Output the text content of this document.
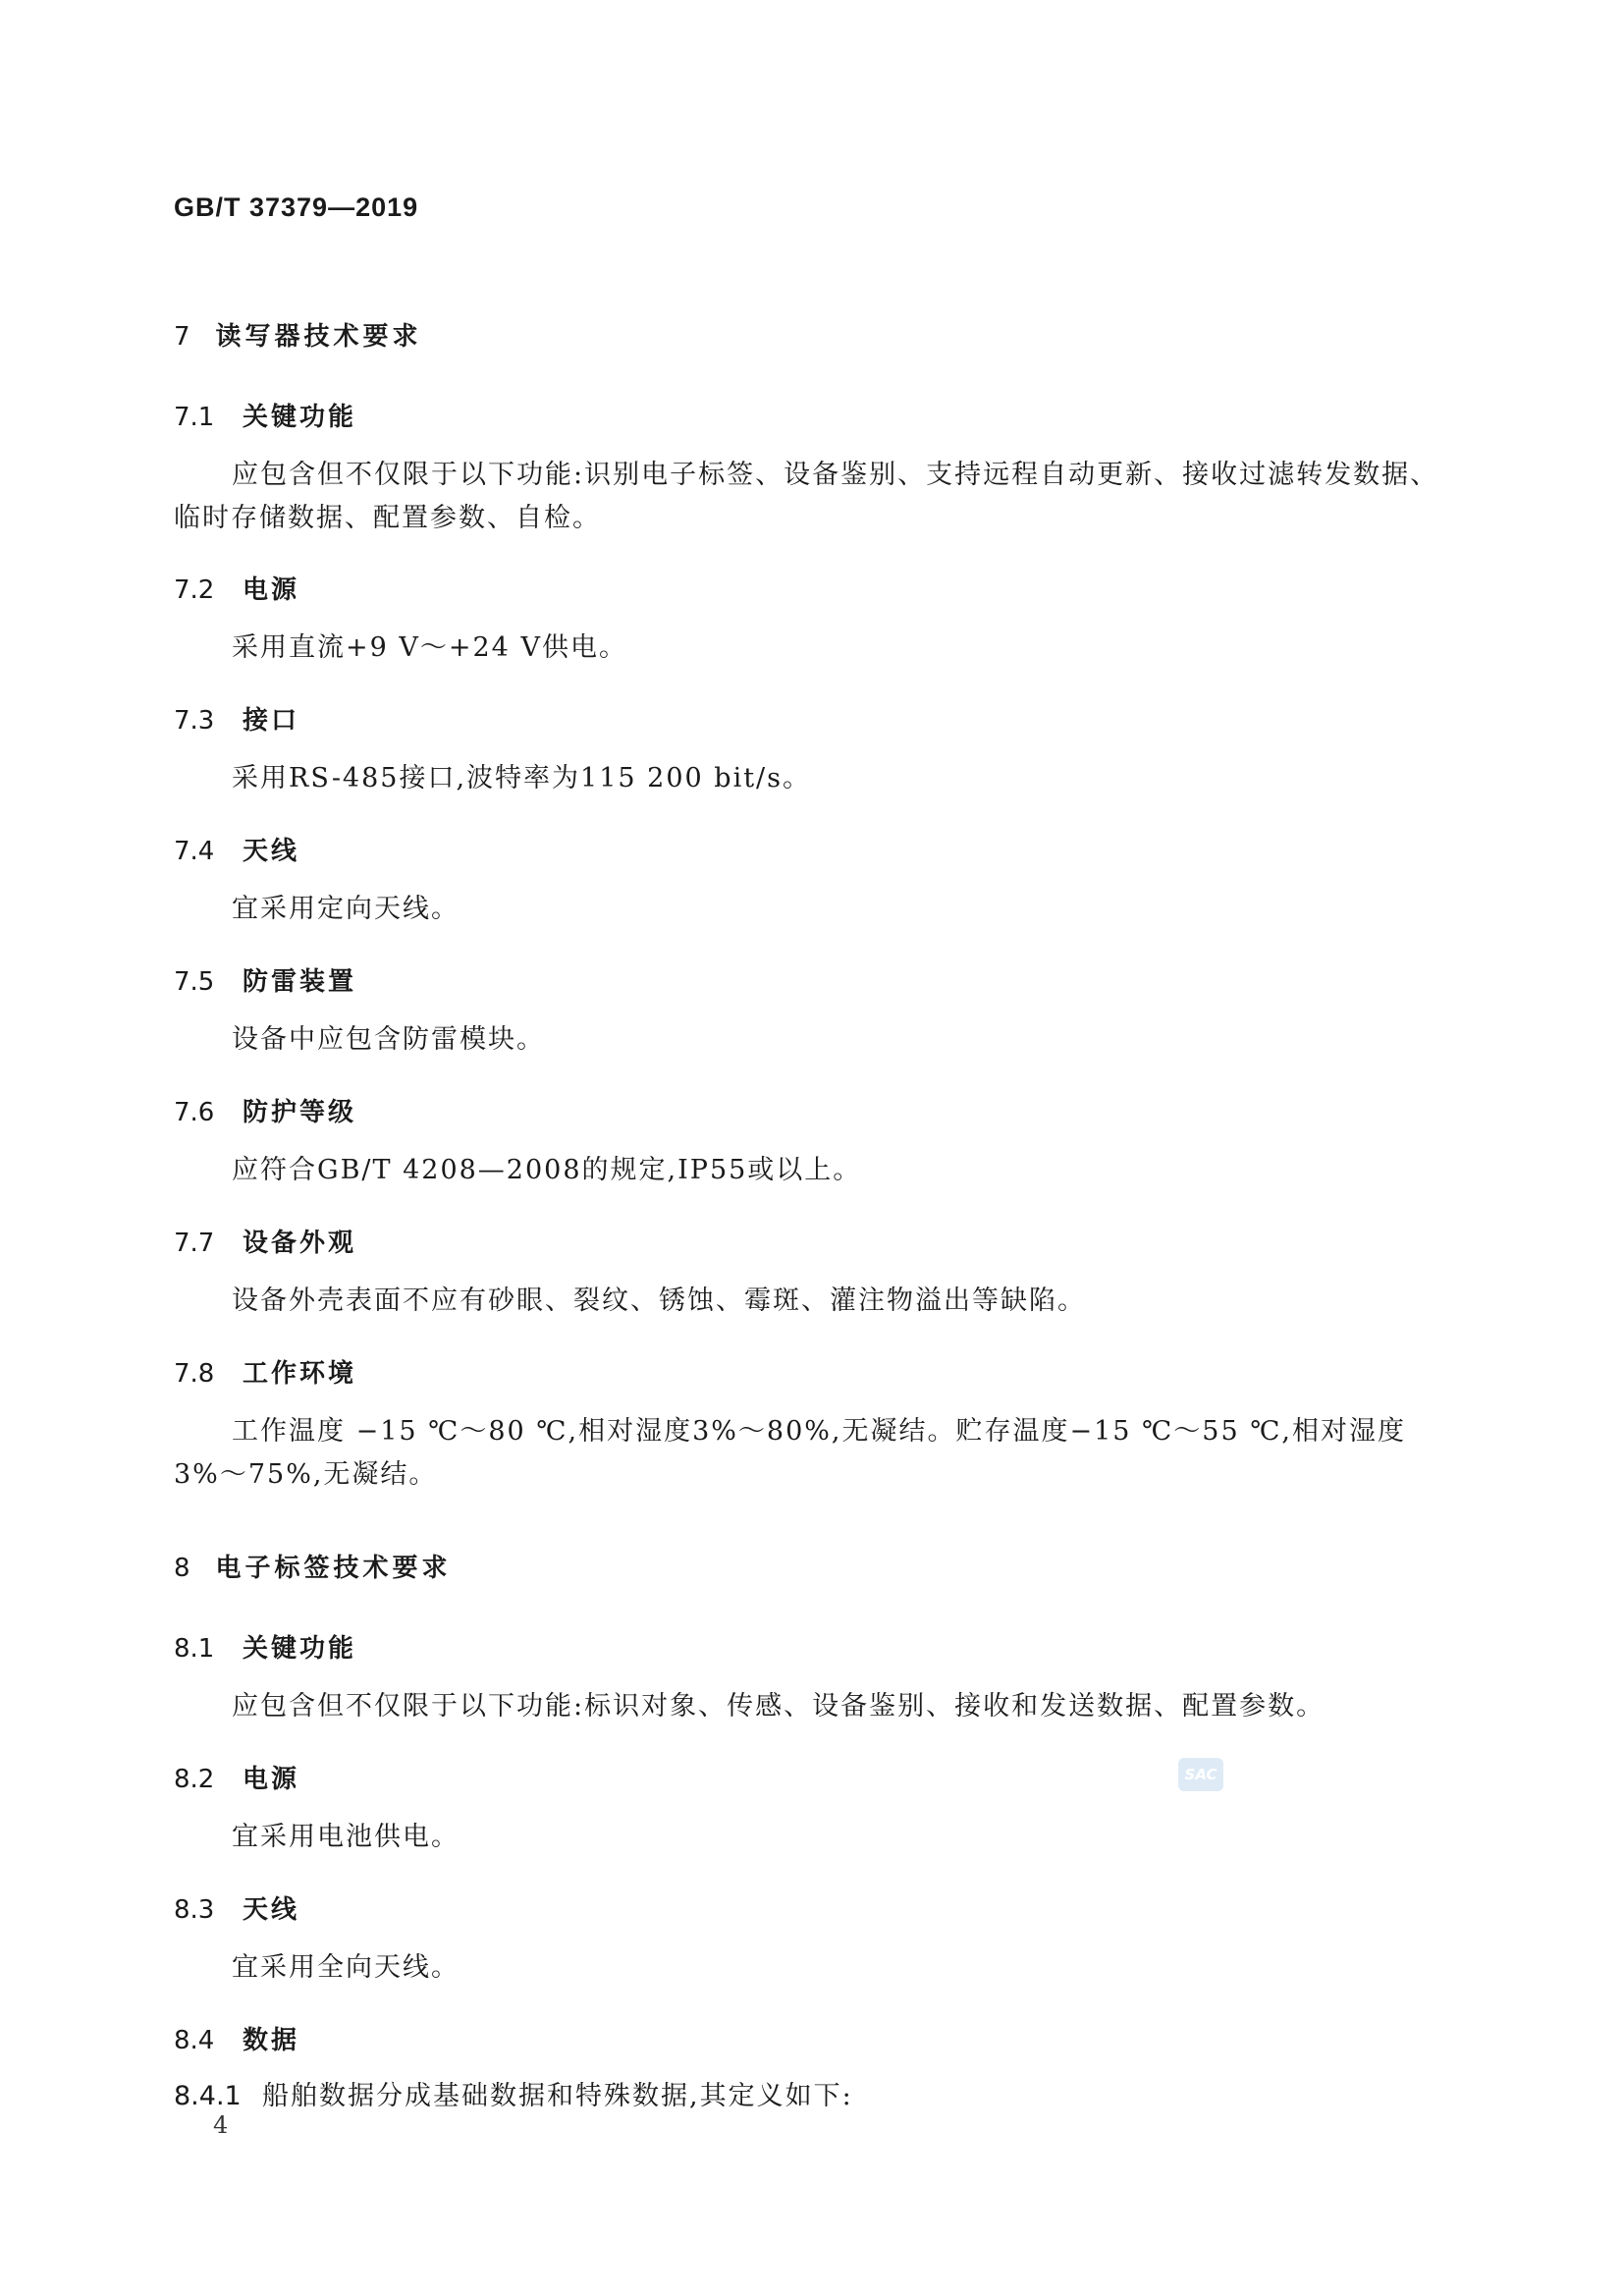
GB/T 37379—2019
7 读写器技术要求
7.1 关键功能

应包含但不仅限于以下功能:识别电子标签、设备鉴别、支持远程自动更新、接收过滤转发数据、临时存储数据、配置参数、自检。

7.2 电源

采用直流+9 V～+24 V供电。

7.3 接口

采用RS-485接口,波特率为115 200 bit/s。

7.4 天线

宜采用定向天线。

7.5 防雷装置

设备中应包含防雷模块。

7.6 防护等级

应符合GB/T 4208—2008的规定,IP55或以上。

7.7 设备外观

设备外壳表面不应有砂眼、裂纹、锈蚀、霉斑、灌注物溢出等缺陷。

7.8 工作环境

工作温度 −15 ℃～80 ℃,相对湿度3%～80%,无凝结。贮存温度−15 ℃～55 ℃,相对湿度3%～75%,无凝结。

8 电子标签技术要求
8.1 关键功能

应包含但不仅限于以下功能:标识对象、传感、设备鉴别、接收和发送数据、配置参数。

8.2 电源

宜采用电池供电。

SAC
8.3 天线

宜采用全向天线。

8.4 数据

8.4.1 船舶数据分成基础数据和特殊数据,其定义如下:

4
